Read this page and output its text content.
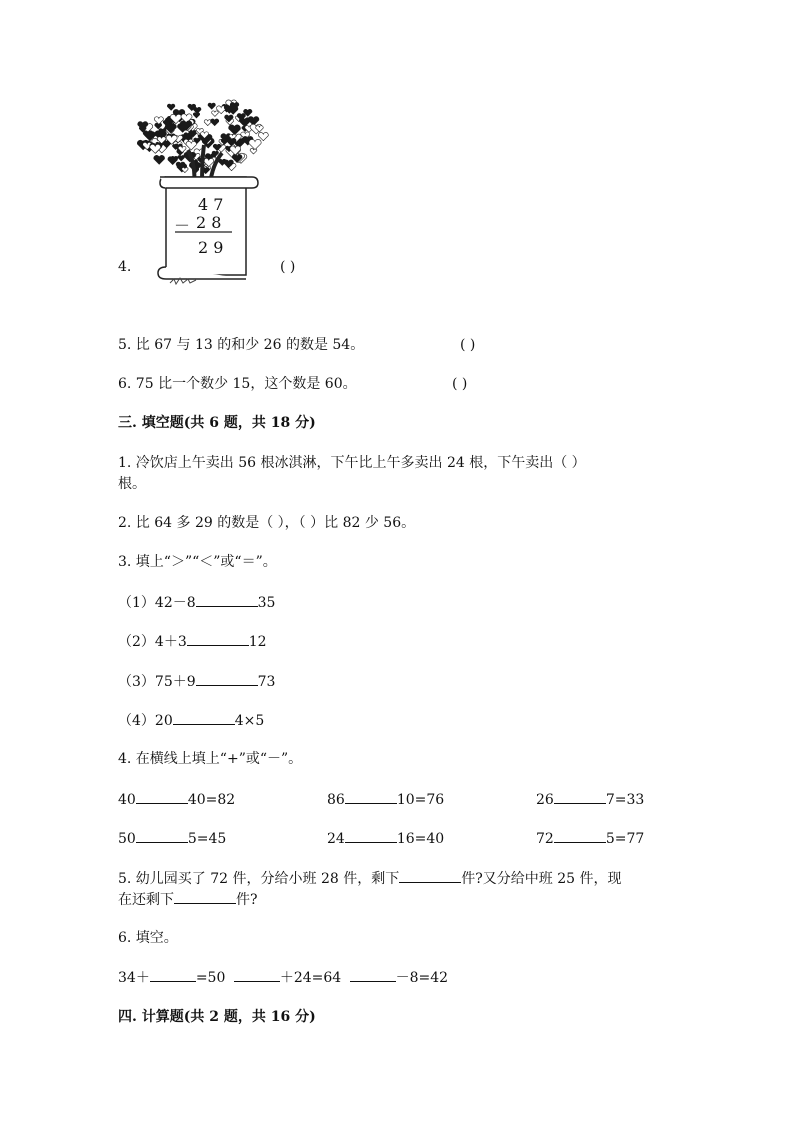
4 7
－ 2 8
2 9
4.	( )
5. 比 67 与 13 的和少 26 的数是 54。	( )
6. 75 比一个数少 15，这个数是 60。	( )
三. 填空题(共 6 题，共 18 分)
1. 冷饮店上午卖出 56 根冰淇淋，下午比上午多卖出 24 根，下午卖出（ ）
根。
2. 比 64 多 29 的数是（ ），（ ）比 82 少 56。
3. 填上“＞”“＜”或“＝”。
（1）42－8	35
（2）4＋3	12
（3）75＋9	73
（4）20	4×5
4. 在横线上填上“+”或“－”。
40	40=82	86	10=76	26	7=33
50	5=45	24	16=40	72	5=77
5. 幼儿园买了 72 件，分给小班 28 件，剩下	件?又分给中班 25 件，现
在还剩下	件?
6. 填空。
34＋	=50	＋24=64	－8=42
四. 计算题(共 2 题，共 16 分)
